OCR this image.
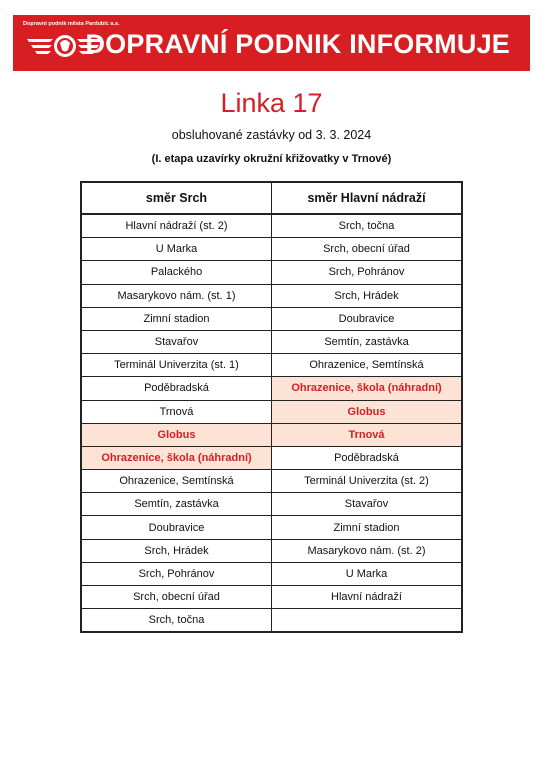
Dopravní podnik města Pardubic a.s.
DOPRAVNÍ PODNIK INFORMUJE
Linka 17
obsluhované zastávky od 3. 3. 2024
(I. etapa uzavírky okružní křižovatky v Trnové)
směr Srch	směr Hlavní nádraží
Hlavní nádraží (st. 2)	Srch, točna
U Marka	Srch, obecní úřad
Palackého	Srch, Pohránov
Masarykovo nám. (st. 1)	Srch, Hrádek
Zimní stadion	Doubravice
Stavařov	Semtín, zastávka
Terminál Univerzita (st. 1)	Ohrazenice, Semtínská
Poděbradská	Ohrazenice, škola (náhradní)
Trnová	Globus
Globus	Trnová
Ohrazenice, škola (náhradní)	Poděbradská
Ohrazenice, Semtínská	Terminál Univerzita (st. 2)
Semtín, zastávka	Stavařov
Doubravice	Zimní stadion
Srch, Hrádek	Masarykovo nám. (st. 2)
Srch, Pohránov	U Marka
Srch, obecní úřad	Hlavní nádraží
Srch, točna	
